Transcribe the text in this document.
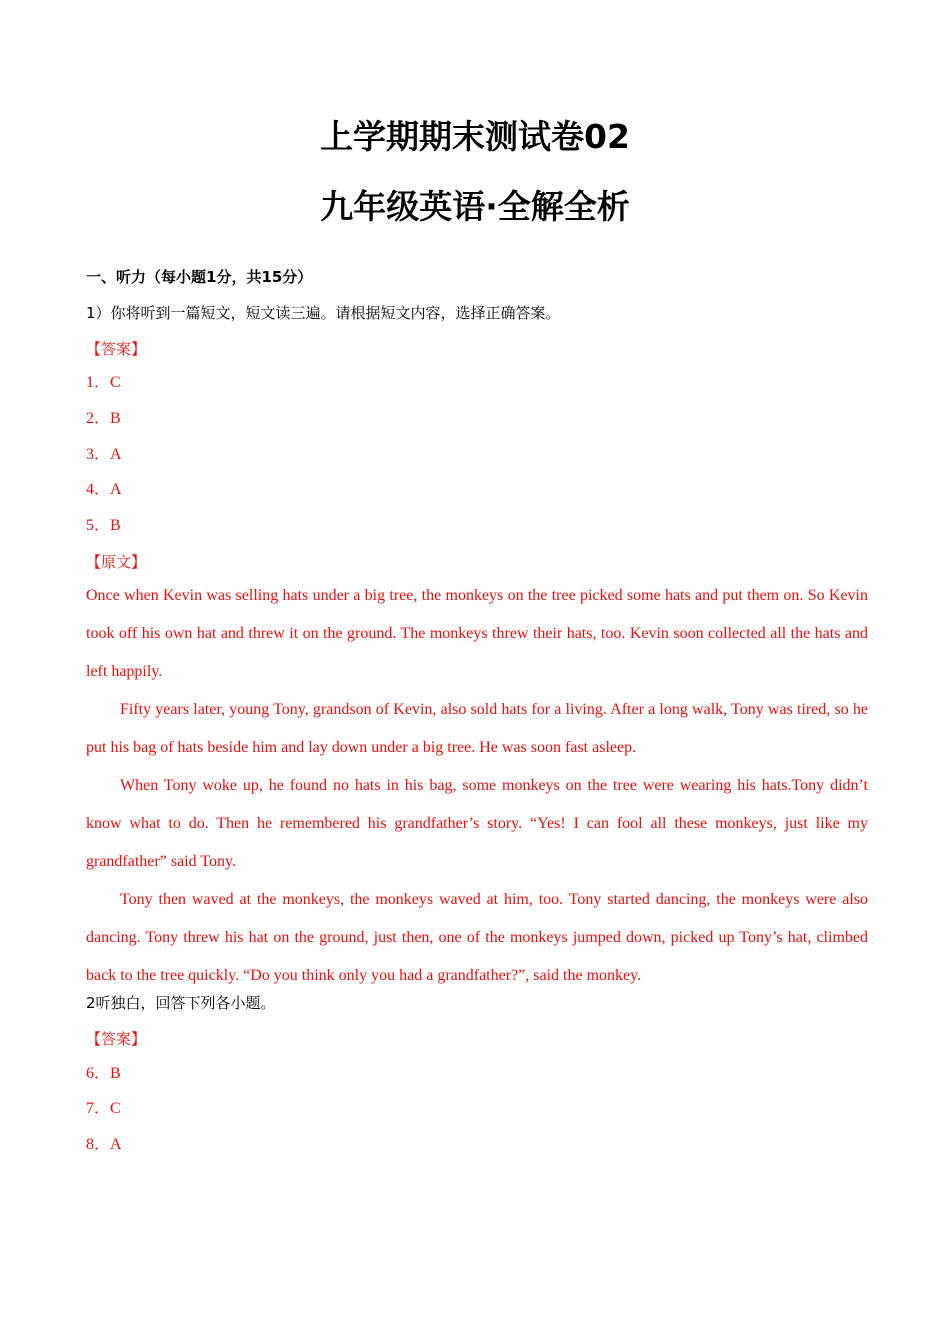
上学期期末测试卷02
九年级英语·全解全析

一、听力（每小题1分，共15分）

1）你将听到一篇短文，短文读三遍。请根据短文内容，选择正确答案。

【答案】

1．C

2．B

3．A

4．A

5．B

【原文】

Once when Kevin was selling hats under a big tree, the monkeys on the tree picked some hats and put them on. So Kevin took off his own hat and threw it on the ground. The monkeys threw their hats, too. Kevin soon collected all the hats and left happily.

Fifty years later, young Tony, grandson of Kevin, also sold hats for a living. After a long walk, Tony was tired, so he put his bag of hats beside him and lay down under a big tree. He was soon fast asleep.

When Tony woke up, he found no hats in his bag, some monkeys on the tree were wearing his hats.Tony didn’t know what to do. Then he remembered his grandfather’s story. “Yes! I can fool all these monkeys, just like my grandfather” said Tony.

Tony then waved at the monkeys, the monkeys waved at him, too. Tony started dancing, the monkeys were also dancing. Tony threw his hat on the ground, just then, one of the monkeys jumped down, picked up Tony’s hat, climbed back to the tree quickly. “Do you think only you had a grandfather?”, said the monkey.

2听独白，回答下列各小题。

【答案】

6．B

7．C

8．A
